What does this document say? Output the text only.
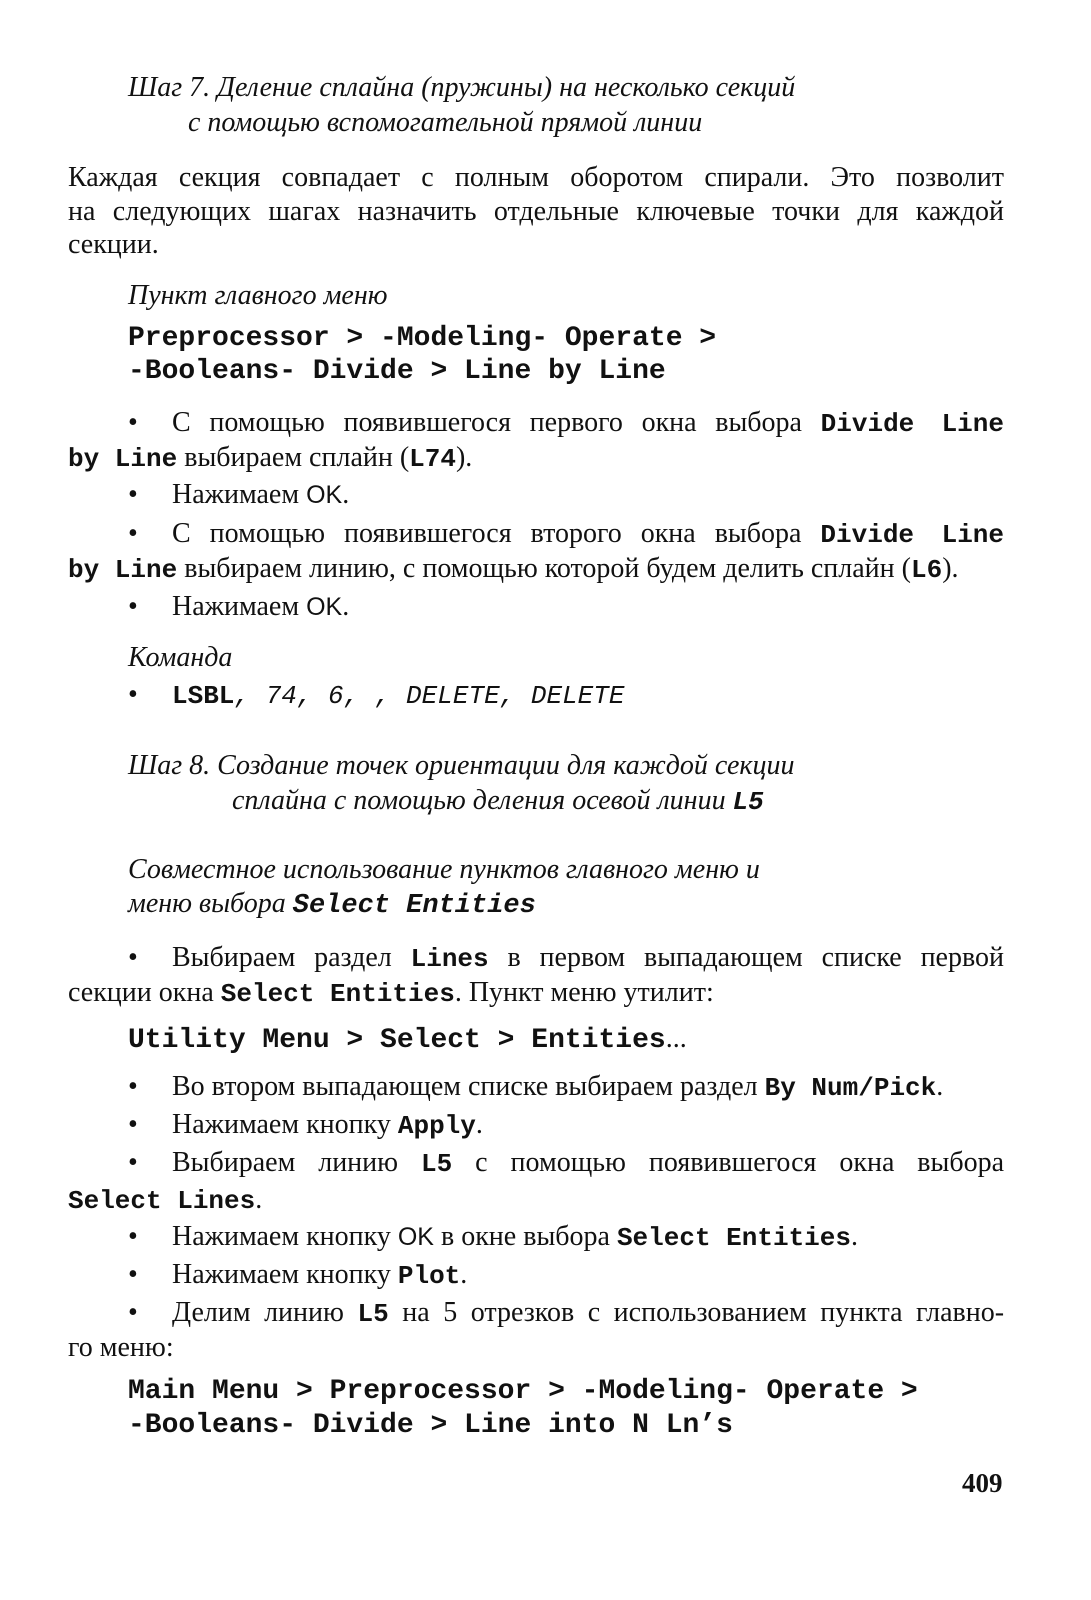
Шаг 7. Деление сплайна (пружины) на несколько секций
с помощью вспомогательной прямой линии
Каждая секция совпадает с полным оборотом спирали. Это позволит
на следующих шагах назначить отдельные ключевые точки для каждой
секции.
Пункт главного меню
Preprocessor > -Modeling- Operate >
-Booleans- Divide > Line by Line
• С помощью появившегося первого окна выбора Divide Line
by Line выбираем сплайн (L74).
• Нажимаем OK.
• С помощью появившегося второго окна выбора Divide Line
by Line выбираем линию, с помощью которой будем делить сплайн (L6).
• Нажимаем OK.
Команда
• LSBL, 74, 6, , DELETE, DELETE
Шаг 8. Создание точек ориентации для каждой секции
сплайна с помощью деления осевой линии L5
Совместное использование пунктов главного меню и
меню выбора Select Entities
• Выбираем раздел Lines в первом выпадающем списке первой
секции окна Select Entities. Пункт меню утилит:
Utility Menu > Select > Entities...
• Во втором выпадающем списке выбираем раздел By Num/Pick.
• Нажимаем кнопку Apply.
• Выбираем линию L5 с помощью появившегося окна выбора
Select Lines.
• Нажимаем кнопку OK в окне выбора Select Entities.
• Нажимаем кнопку Plot.
• Делим линию L5 на 5 отрезков с использованием пункта главно-
го меню:
Main Menu > Preprocessor > -Modeling- Operate >
-Booleans- Divide > Line into N Ln’s
409
